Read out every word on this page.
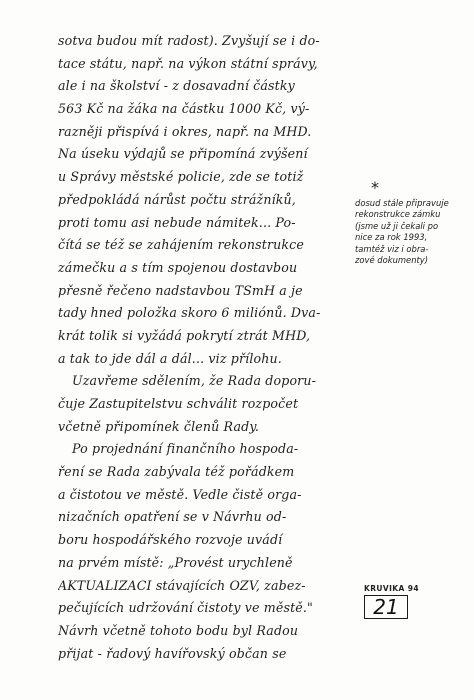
sotva budou mít radost). Zvyšují se i do-
tace státu, např. na výkon státní správy,
ale i na školství - z dosavadní částky
563 Kč na žáka na částku 1000 Kč, vý-
razněji přispívá i okres, např. na MHD.
Na úseku výdajů se připomíná zvýšení
u Správy městské policie, zde se totiž
předpokládá nárůst počtu strážníků,
proti tomu asi nebude námitek... Po-
čítá se též se zahájením rekonstrukce
zámečku a s tím spojenou dostavbou
přesně řečeno nadstavbou TSmH a je
tady hned položka skoro 6 miliónů. Dva-
krát tolik si vyžádá pokrytí ztrát MHD,
a tak to jde dál a dál... viz přílohu.
Uzavřeme sdělením, že Rada doporu-
čuje Zastupitelstvu schválit rozpočet
včetně připomínek členů Rady.
Po projednání finančního hospoda-
ření se Rada zabývala též pořádkem
a čistotou ve městě. Vedle čistě orga-
nizačních opatření se v Návrhu od-
boru hospodářského rozvoje uvádí
na prvém místě: „Provést urychleně
AKTUALIZACI stávajících OZV, zabez-
pečujících udržování čistoty ve městě."
Návrh včetně tohoto bodu byl Radou
přijat - řadový havířovský občan se
*
dosud stále připravuje
rekonstrukce zámku
(jsme už ji čekali po
nice za rok 1993,
tamtéž viz i obra-
zové dokumenty)
KRUVIKA 94
21
